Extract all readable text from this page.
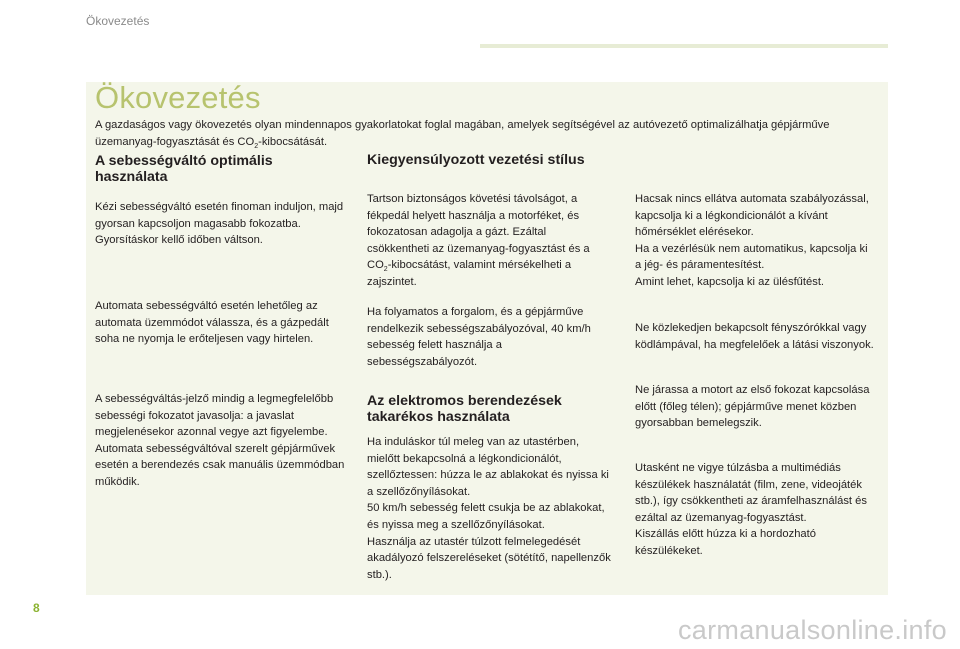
Ökovezetés
Ökovezetés
A gazdaságos vagy ökovezetés olyan mindennapos gyakorlatokat foglal magában, amelyek segítségével az autóvezető optimalizálhatja gépjárműve üzemanyag-fogyasztását és $CO_2$-kibocsátását.
A sebességváltó optimális használata

Kézi sebességváltó esetén finoman induljon, majd gyorsan kapcsoljon magasabb fokozatba. Gyorsításkor kellő időben váltson.

Automata sebességváltó esetén lehetőleg az automata üzemmódot válassza, és a gázpedált soha ne nyomja le erőteljesen vagy hirtelen.

A sebességváltás-jelző mindig a legmegfelelőbb sebességi fokozatot javasolja: a javaslat megjelenésekor azonnal vegye azt figyelembe.

Automata sebességváltóval szerelt gépjárművek esetén a berendezés csak manuális üzemmódban működik.

Kiegyensúlyozott vezetési stílus

Tartson biztonságos követési távolságot, a fékpedál helyett használja a motorféket, és fokozatosan adagolja a gázt. Ezáltal csökkentheti az üzemanyag-fogyasztást és a $CO_2$-kibocsátást, valamint mérsékelheti a zajszintet.

Ha folyamatos a forgalom, és a gépjárműve rendelkezik sebességszabályozóval, 40 km/h sebesség felett használja a sebességszabályozót.

Az elektromos berendezések takarékos használata

Ha induláskor túl meleg van az utastérben, mielőtt bekapcsolná a légkondicionálót, szellőztessen: húzza le az ablakokat és nyissa ki a szellőzőnyílásokat.

50 km/h sebesség felett csukja be az ablakokat, és nyissa meg a szellőzőnyílásokat.

Használja az utastér túlzott felmelegedését akadályozó felszereléseket (sötétítő, napellenzők stb.).

Hacsak nincs ellátva automata szabályozással, kapcsolja ki a légkondicionálót a kívánt hőmérséklet elérésekor.

Ha a vezérlésük nem automatikus, kapcsolja ki a jég- és páramentesítést.

Amint lehet, kapcsolja ki az ülésfűtést.

Ne közlekedjen bekapcsolt fényszórókkal vagy ködlámpával, ha megfelelőek a látási viszonyok.

Ne járassa a motort az első fokozat kapcsolása előtt (főleg télen); gépjárműve menet közben gyorsabban bemelegszik.

Utasként ne vigye túlzásba a multimédiás készülékek használatát (film, zene, videojáték stb.), így csökkentheti az áramfelhasználást és ezáltal az üzemanyag-fogyasztást.

Kiszállás előtt húzza ki a hordozható készülékeket.

8
carmanualsonline.info
